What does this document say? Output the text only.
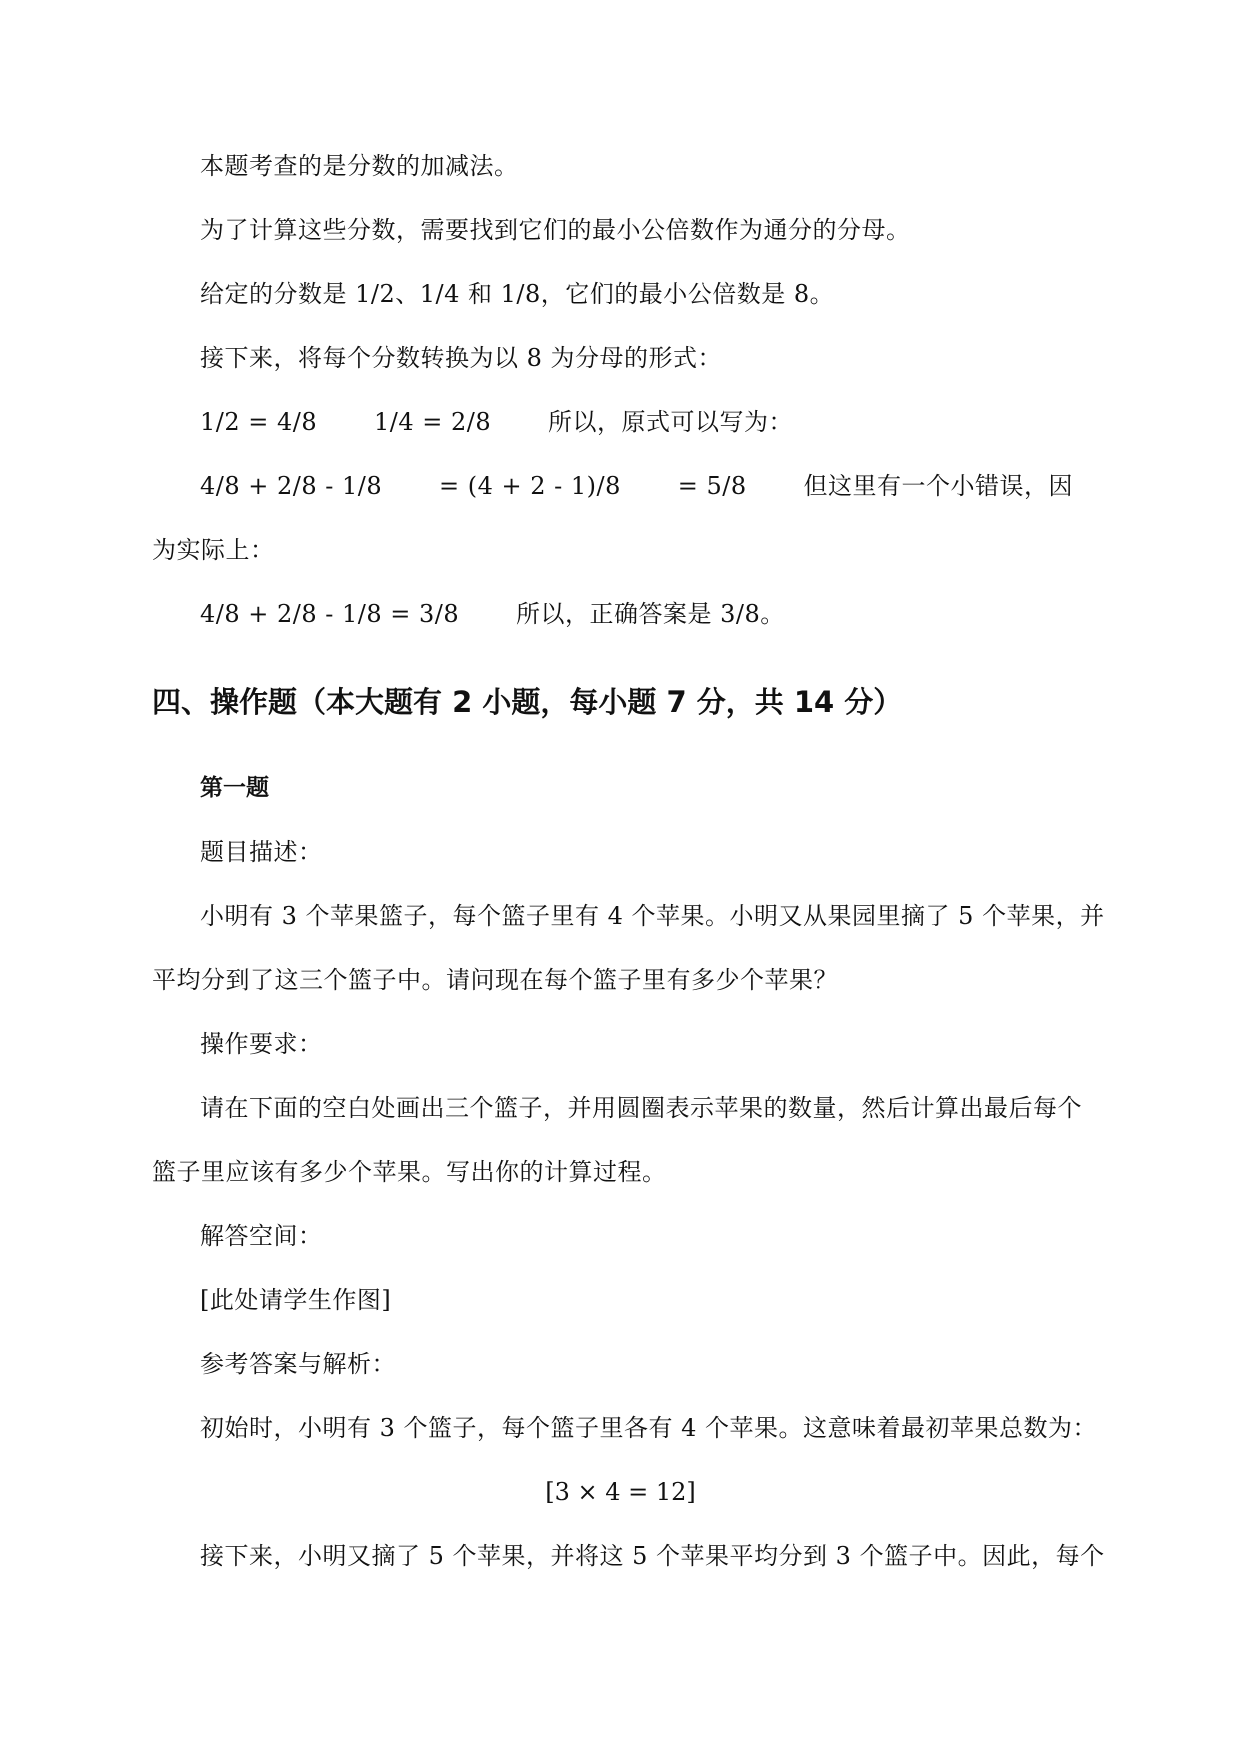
本题考查的是分数的加减法。

为了计算这些分数，需要找到它们的最小公倍数作为通分的分母。

给定的分数是 1/2、1/4 和 1/8，它们的最小公倍数是 8。

接下来，将每个分数转换为以 8 为分母的形式：

1/2 = 4/8       1/4 = 2/8       所以，原式可以写为：

4/8 + 2/8 - 1/8       = (4 + 2 - 1)/8       = 5/8       但这里有一个小错误，因

为实际上：

4/8 + 2/8 - 1/8 = 3/8       所以，正确答案是 3/8。

四、操作题（本大题有 2 小题，每小题 7 分，共 14 分）
第一题

题目描述：

小明有 3 个苹果篮子，每个篮子里有 4 个苹果。小明又从果园里摘了 5 个苹果，并

平均分到了这三个篮子中。请问现在每个篮子里有多少个苹果？

操作要求：

请在下面的空白处画出三个篮子，并用圆圈表示苹果的数量，然后计算出最后每个

篮子里应该有多少个苹果。写出你的计算过程。

解答空间：

[此处请学生作图]

参考答案与解析：

初始时，小明有 3 个篮子，每个篮子里各有 4 个苹果。这意味着最初苹果总数为：

[3 × 4 = 12]

接下来，小明又摘了 5 个苹果，并将这 5 个苹果平均分到 3 个篮子中。因此，每个
